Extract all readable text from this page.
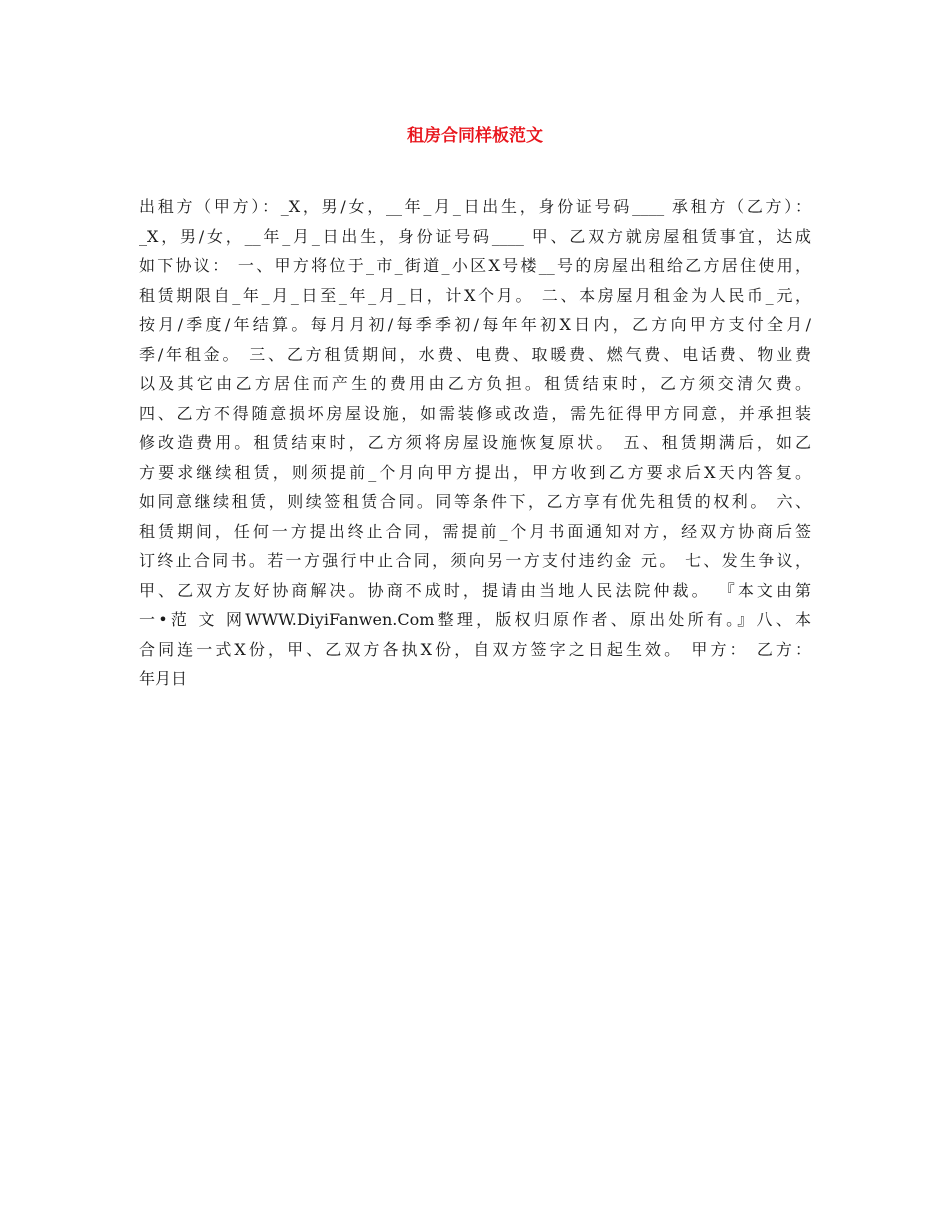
租房合同样板范文
出租方（甲方）：_X，男/女，__年_月_日出生，身份证号码____ 承租方（乙方）：
_X，男/女，__年_月_日出生，身份证号码____ 甲、乙双方就房屋租赁事宜，达成
如下协议： 一、甲方将位于_市_街道_小区X号楼__号的房屋出租给乙方居住使用，
租赁期限自_年_月_日至_年_月_日，计X个月。 二、本房屋月租金为人民币_元，
按月/季度/年结算。每月月初/每季季初/每年年初X日内，乙方向甲方支付全月/
季/年租金。 三、乙方租赁期间，水费、电费、取暖费、燃气费、电话费、物业费
以及其它由乙方居住而产生的费用由乙方负担。租赁结束时，乙方须交清欠费。
四、乙方不得随意损坏房屋设施，如需装修或改造，需先征得甲方同意，并承担装
修改造费用。租赁结束时，乙方须将房屋设施恢复原状。 五、租赁期满后，如乙
方要求继续租赁，则须提前_个月向甲方提出，甲方收到乙方要求后X天内答复。
如同意继续租赁，则续签租赁合同。同等条件下，乙方享有优先租赁的权利。 六、
租赁期间，任何一方提出终止合同，需提前_个月书面通知对方，经双方协商后签
订终止合同书。若一方强行中止合同，须向另一方支付违约金 元。 七、发生争议，
甲、乙双方友好协商解决。协商不成时，提请由当地人民法院仲裁。 『本文由第
一•范 文 网WWW.DiyiFanwen.Com整理，版权归原作者、原出处所有。』八、本
合同连一式X份，甲、乙双方各执X份，自双方签字之日起生效。 甲方： 乙方：
年月日
